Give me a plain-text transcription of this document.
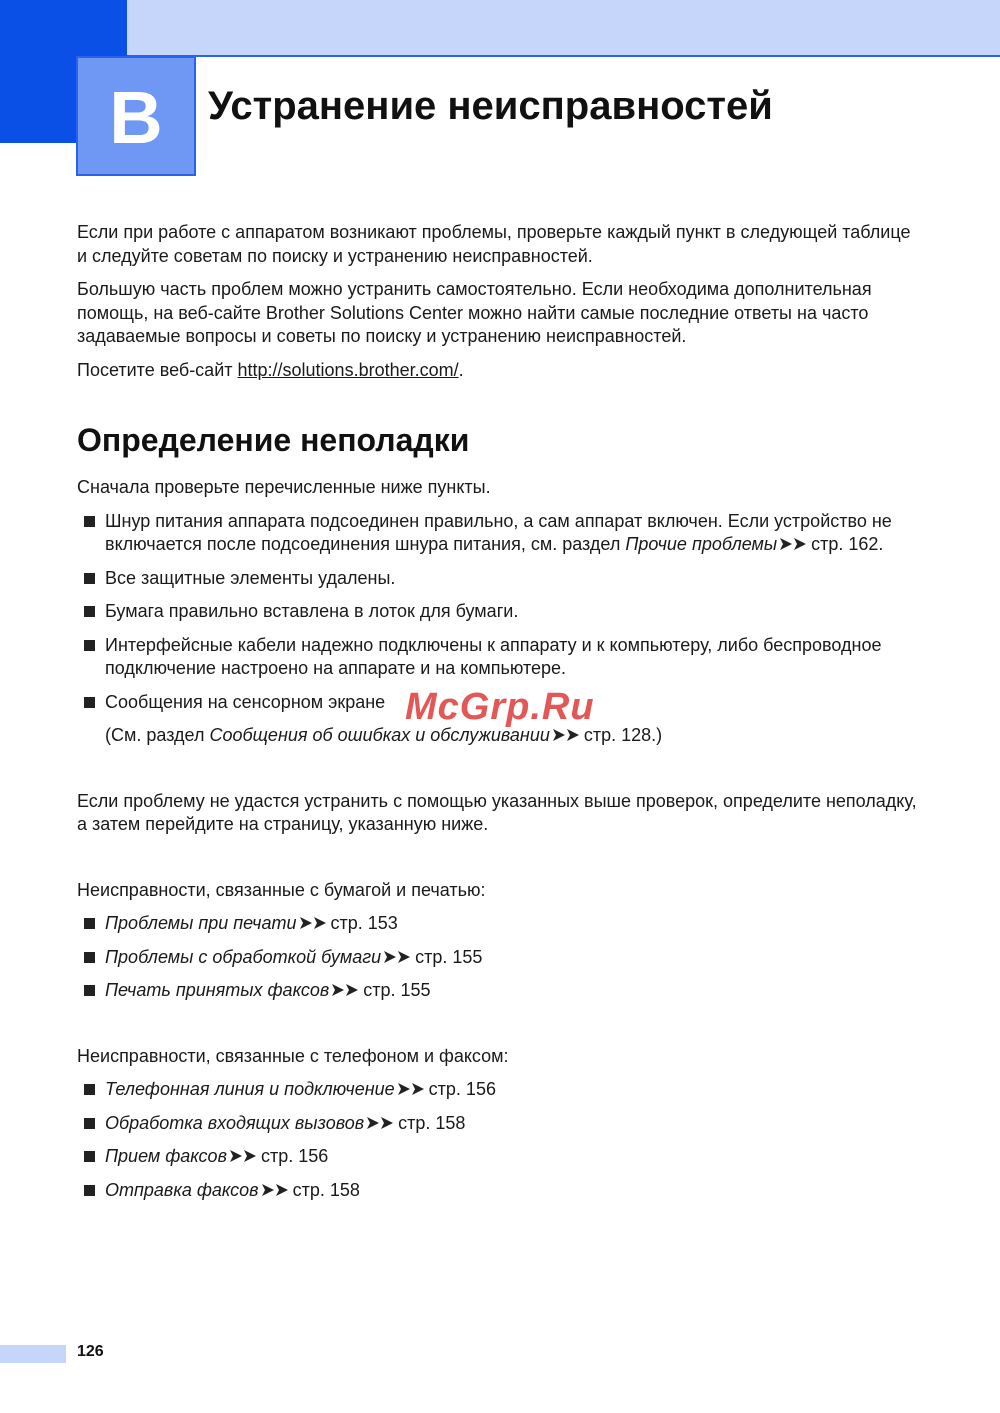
B Устранение неисправностей

Если при работе с аппаратом возникают проблемы, проверьте каждый пункт в следующей таблице и следуйте советам по поиску и устранению неисправностей.

Большую часть проблем можно устранить самостоятельно. Если необходима дополнительная помощь, на веб-сайте Brother Solutions Center можно найти самые последние ответы на часто задаваемые вопросы и советы по поиску и устранению неисправностей.

Посетите веб-сайт http://solutions.brother.com/.

Определение неполадки

Сначала проверьте перечисленные ниже пункты.

Шнур питания аппарата подсоединен правильно, а сам аппарат включен. Если устройство не включается после подсоединения шнура питания, см. раздел Прочие проблемы стр. 162.
Все защитные элементы удалены.
Бумага правильно вставлена в лоток для бумаги.
Интерфейсные кабели надежно подключены к аппарату и к компьютеру, либо беспроводное подключение настроено на аппарате и на компьютере.
Сообщения на сенсорном экране

(См. раздел Сообщения об ошибках и обслуживании стр. 128.)

Если проблему не удастся устранить с помощью указанных выше проверок, определите неполадку, а затем перейдите на страницу, указанную ниже.

Неисправности, связанные с бумагой и печатью:

Проблемы при печати стр. 153
Проблемы с обработкой бумаги стр. 155
Печать принятых факсов стр. 155

Неисправности, связанные с телефоном и факсом:

Телефонная линия и подключение стр. 156
Обработка входящих вызовов стр. 158
Прием факсов стр. 156
Отправка факсов стр. 158
McGrp.Ru
126
